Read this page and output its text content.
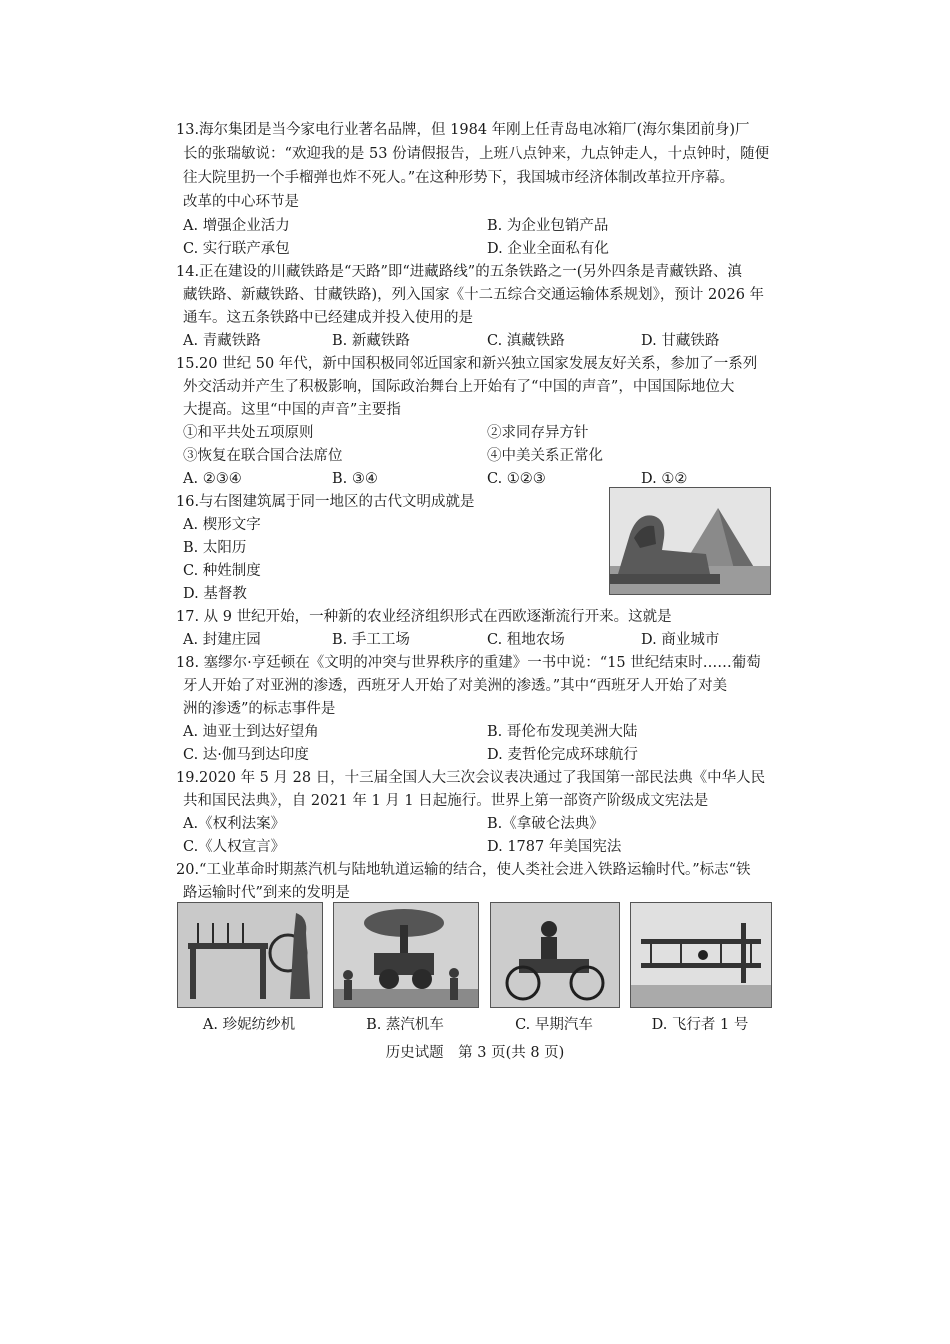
13.海尔集团是当今家电行业著名品牌，但 1984 年刚上任青岛电冰箱厂(海尔集团前身)厂
长的张瑞敏说：“欢迎我的是 53 份请假报告，上班八点钟来，九点钟走人，十点钟时，随便
往大院里扔一个手榴弹也炸不死人。”在这种形势下，我国城市经济体制改革拉开序幕。
改革的中心环节是
A. 增强企业活力	B. 为企业包销产品
C. 实行联产承包	D. 企业全面私有化
14.正在建设的川藏铁路是“天路”即“进藏路线”的五条铁路之一(另外四条是青藏铁路、滇
藏铁路、新藏铁路、甘藏铁路)，列入国家《十二五综合交通运输体系规划》，预计 2026 年
通车。这五条铁路中已经建成并投入使用的是
A. 青藏铁路	B. 新藏铁路	C. 滇藏铁路	D. 甘藏铁路
15.20 世纪 50 年代，新中国积极同邻近国家和新兴独立国家发展友好关系，参加了一系列
外交活动并产生了积极影响，国际政治舞台上开始有了“中国的声音”，中国国际地位大
大提高。这里“中国的声音”主要指
①和平共处五项原则	②求同存异方针
③恢复在联合国合法席位	④中美关系正常化
A. ②③④	B. ③④	C. ①②③	D. ①②
16.与右图建筑属于同一地区的古代文明成就是
A. 楔形文字
B. 太阳历
C. 种姓制度
D. 基督教
17. 从 9 世纪开始，一种新的农业经济组织形式在西欧逐渐流行开来。这就是
A. 封建庄园	B. 手工工场	C. 租地农场	D. 商业城市
18. 塞缪尔·亨廷顿在《文明的冲突与世界秩序的重建》一书中说：“15 世纪结束时……葡萄
牙人开始了对亚洲的渗透，西班牙人开始了对美洲的渗透。”其中“西班牙人开始了对美
洲的渗透”的标志事件是
A. 迪亚士到达好望角	B. 哥伦布发现美洲大陆
C. 达·伽马到达印度	D. 麦哲伦完成环球航行
19.2020 年 5 月 28 日，十三届全国人大三次会议表决通过了我国第一部民法典《中华人民
共和国民法典》，自 2021 年 1 月 1 日起施行。世界上第一部资产阶级成文宪法是
A.《权利法案》	B.《拿破仑法典》
C.《人权宣言》	D. 1787 年美国宪法
20.“工业革命时期蒸汽机与陆地轨道运输的结合，使人类社会进入铁路运输时代。”标志“铁
路运输时代”到来的发明是
A. 珍妮纺纱机	B. 蒸汽机车	C. 早期汽车	D. 飞行者 1 号
历史试题　第 3 页(共 8 页)
